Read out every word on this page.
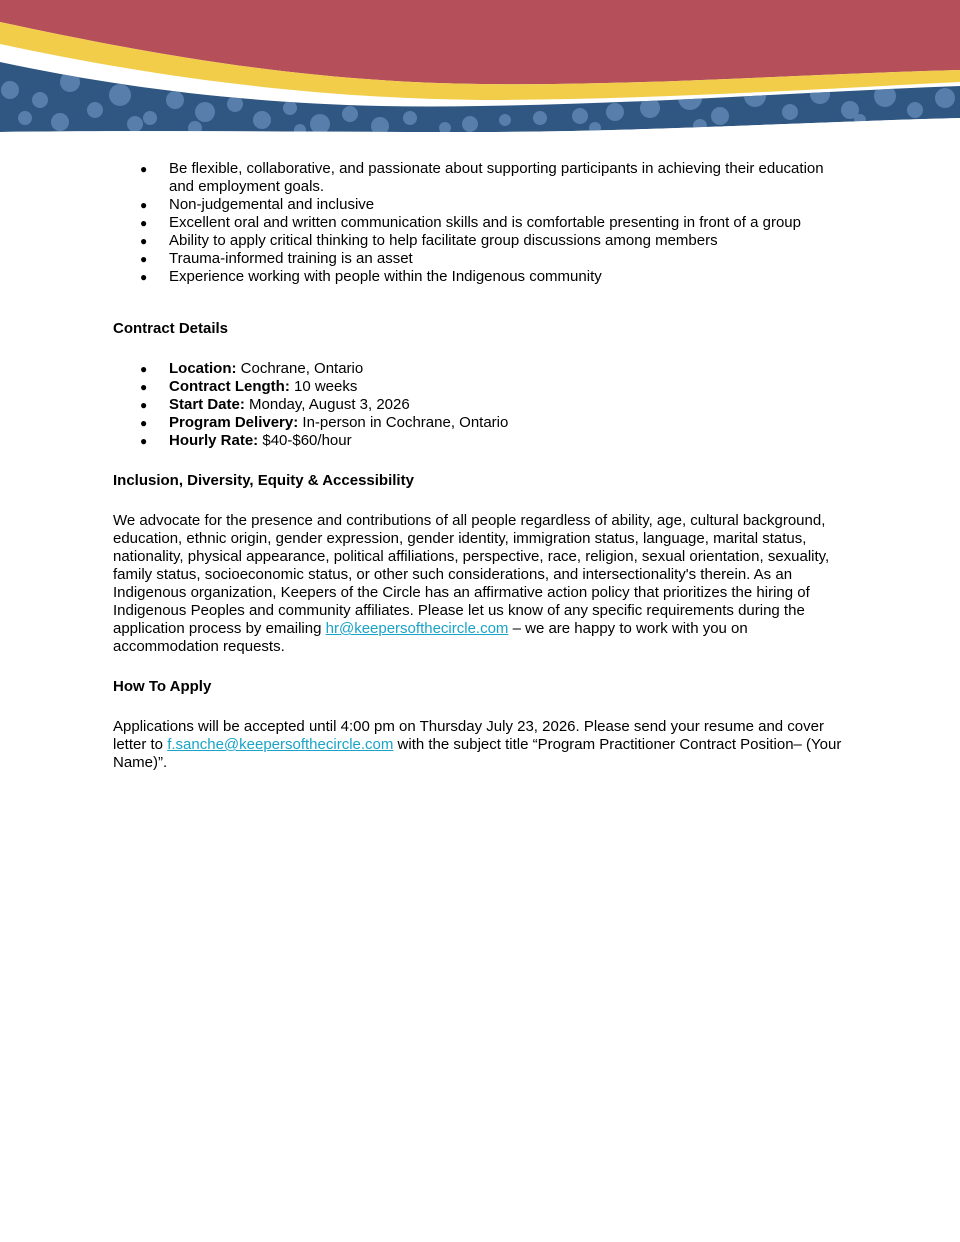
● Be flexible, collaborative, and passionate about supporting participants in achieving their education and employment goals.
● Non-judgemental and inclusive
● Excellent oral and written communication skills and is comfortable presenting in front of a group
● Ability to apply critical thinking to help facilitate group discussions among members
● Trauma-informed training is an asset
● Experience working with people within the Indigenous community
Contract Details
● Location: Cochrane, Ontario
● Contract Length: 10 weeks
● Start Date: Monday, August 3, 2026
● Program Delivery: In-person in Cochrane, Ontario
● Hourly Rate: $40-$60/hour
Inclusion, Diversity, Equity & Accessibility

We advocate for the presence and contributions of all people regardless of ability, age, cultural background, education, ethnic origin, gender expression, gender identity, immigration status, language, marital status, nationality, physical appearance, political affiliations, perspective, race, religion, sexual orientation, sexuality, family status, socioeconomic status, or other such considerations, and intersectionality's therein. As an Indigenous organization, Keepers of the Circle has an affirmative action policy that prioritizes the hiring of Indigenous Peoples and community affiliates. Please let us know of any specific requirements during the application process by emailing hr@keepersofthecircle.com – we are happy to work with you on accommodation requests.

How To Apply

Applications will be accepted until 4:00 pm on Thursday July 23, 2026. Please send your resume and cover letter to f.sanche@keepersofthecircle.com with the subject title “Program Practitioner Contract Position– (Your Name)”.
